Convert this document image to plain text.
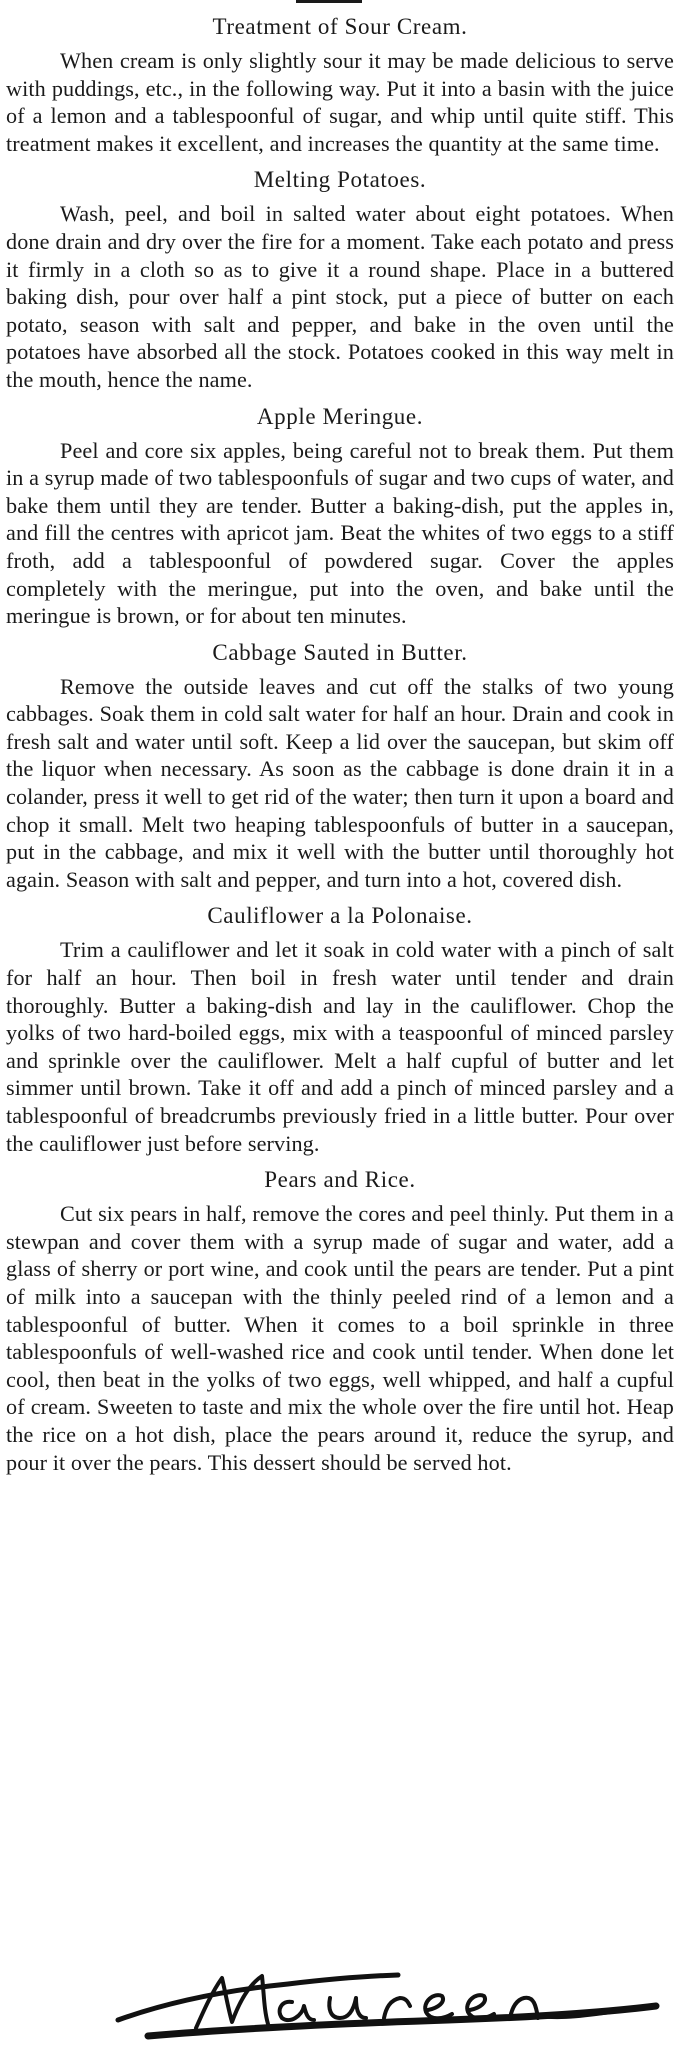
Treatment of Sour Cream.

When cream is only slightly sour it may be made delicious to serve with puddings, etc., in the following way. Put it into a basin with the juice of a lemon and a tablespoonful of sugar, and whip until quite stiff. This treatment makes it excellent, and increases the quantity at the same time.

Melting Potatoes.

Wash, peel, and boil in salted water about eight potatoes. When done drain and dry over the fire for a moment. Take each potato and press it firmly in a cloth so as to give it a round shape. Place in a buttered baking dish, pour over half a pint stock, put a piece of butter on each potato, season with salt and pepper, and bake in the oven until the potatoes have absorbed all the stock. Potatoes cooked in this way melt in the mouth, hence the name.

Apple Meringue.

Peel and core six apples, being careful not to break them. Put them in a syrup made of two tablespoonfuls of sugar and two cups of water, and bake them until they are tender. Butter a baking-dish, put the apples in, and fill the centres with apricot jam. Beat the whites of two eggs to a stiff froth, add a tablespoonful of powdered sugar. Cover the apples completely with the meringue, put into the oven, and bake until the meringue is brown, or for about ten minutes.

Cabbage Sauted in Butter.

Remove the outside leaves and cut off the stalks of two young cabbages. Soak them in cold salt water for half an hour. Drain and cook in fresh salt and water until soft. Keep a lid over the saucepan, but skim off the liquor when necessary. As soon as the cabbage is done drain it in a colander, press it well to get rid of the water; then turn it upon a board and chop it small. Melt two heaping tablespoonfuls of butter in a saucepan, put in the cabbage, and mix it well with the butter until thoroughly hot again. Season with salt and pepper, and turn into a hot, covered dish.

Cauliflower a la Polonaise.

Trim a cauliflower and let it soak in cold water with a pinch of salt for half an hour. Then boil in fresh water until tender and drain thoroughly. Butter a baking-dish and lay in the cauliflower. Chop the yolks of two hard-boiled eggs, mix with a teaspoonful of minced parsley and sprinkle over the cauliflower. Melt a half cupful of butter and let simmer until brown. Take it off and add a pinch of minced parsley and a tablespoonful of breadcrumbs previously fried in a little butter. Pour over the cauliflower just before serving.

Pears and Rice.

Cut six pears in half, remove the cores and peel thinly. Put them in a stewpan and cover them with a syrup made of sugar and water, add a glass of sherry or port wine, and cook until the pears are tender. Put a pint of milk into a saucepan with the thinly peeled rind of a lemon and a tablespoonful of butter. When it comes to a boil sprinkle in three tablespoonfuls of well-washed rice and cook until tender. When done let cool, then beat in the yolks of two eggs, well whipped, and half a cupful of cream. Sweeten to taste and mix the whole over the fire until hot. Heap the rice on a hot dish, place the pears around it, reduce the syrup, and pour it over the pears. This dessert should be served hot.
